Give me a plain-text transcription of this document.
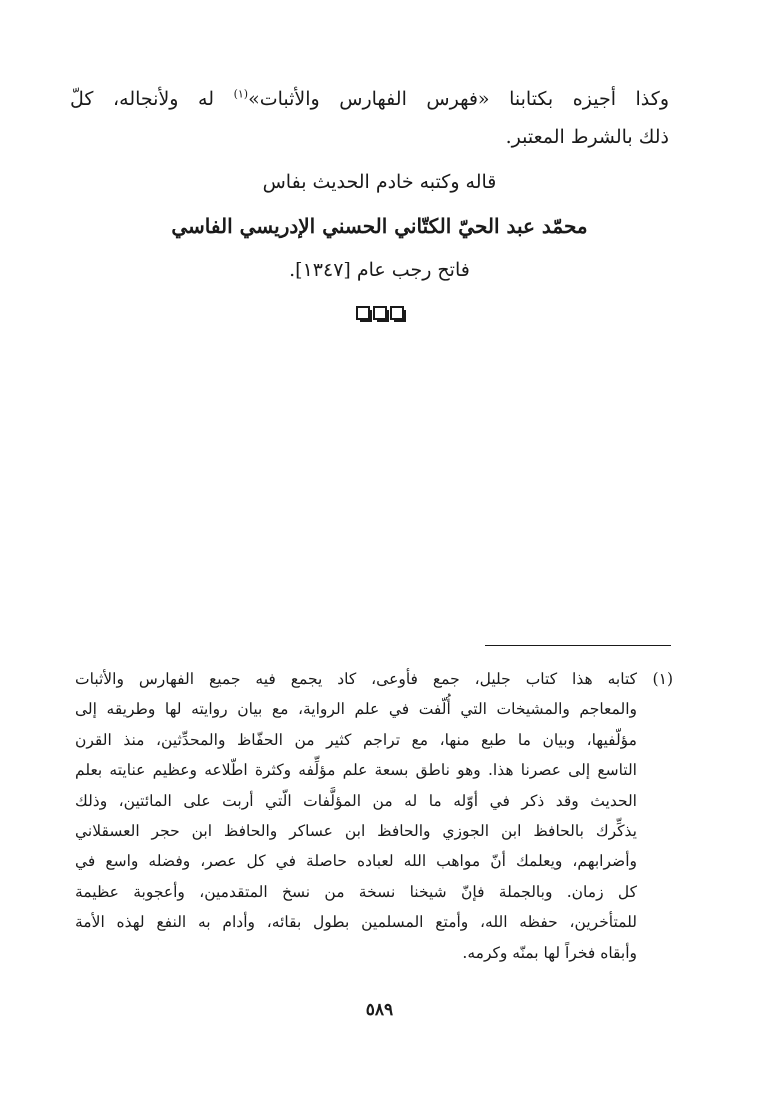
وكذا أجيزه بكتابنا «فهرس الفهارس والأثبات»$^{(١)}$ له ولأنجاله، كلّ
ذلك بالشرط المعتبر.
قاله وكتبه خادم الحديث بفاس
محمّد عبد الحيّ الكتّاني الحسني الإدريسي الفاسي
فاتح رجب عام [١٣٤٧].
(١)
كتابه هذا كتاب جليل، جمع فأوعى، كاد يجمع فيه جميع الفهارس والأثبات
والمعاجم والمشيخات التي أُلّفت في علم الرواية، مع بيان روايته لها وطريقه إلى
مؤلّفيها، وبيان ما طبع منها، مع تراجم كثير من الحفّاظ والمحدِّثين، منذ القرن
التاسع إلى عصرنا هذا. وهو ناطق بسعة علم مؤلِّفه وكثرة اطّلاعه وعظيم عنايته بعلم
الحديث وقد ذكر في أوّله ما له من المؤلَّفات الّتي أربت على المائتين، وذلك
يذكِّرك بالحافظ ابن الجوزي والحافظ ابن عساكر والحافظ ابن حجر العسقلاني
وأضرابهم، ويعلمك أنّ مواهب الله لعباده حاصلة في كل عصر، وفضله واسع في
كل زمان. وبالجملة فإنّ شيخنا نسخة من نسخ المتقدمين، وأعجوبة عظيمة
للمتأخرين، حفظه الله، وأمتع المسلمين بطول بقائه، وأدام به النفع لهذه الأمة
وأبقاه فخراً لها بمنّه وكرمه.
٥٨٩
